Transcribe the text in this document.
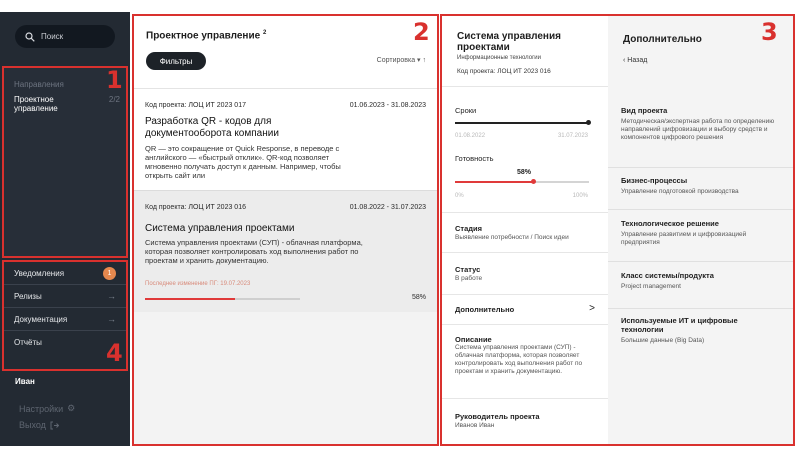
Поиск
Направления
Проектное управление
2/2
Уведомления	1
Релизы	→
Документация	→
Отчёты
Иван
Настройки ⚙
Выход
Проектное управление $^2$
Фильтры	Сортировка ▾ ↑
Код проекта: ЛОЦ ИТ 2023 017	01.06.2023 - 31.08.2023
Разработка QR - кодов для документооборота компании
QR — это сокращение от Quick Response, в переводе с английского — «быстрый отклик». QR-код позволяет мгновенно получать доступ к данным. Например, чтобы открыть сайт или
Код проекта: ЛОЦ ИТ 2023 016	01.08.2022 - 31.07.2023
Система управления проектами
Система управления проектами (СУП) - облачная платформа, которая позволяет контролировать ход выполнения работ по проектам и хранить документацию.
Последнее изменение ПГ: 19.07.2023
58%
Система управления проектами
Информационные технологии
Код проекта: ЛОЦ ИТ 2023 016
Сроки
01.08.2022	31.07.2023
Готовность
58%
0%	100%
Стадия
Выявление потребности / Поиск идеи
Статус
В работе
Дополнительно	>
Описание
Система управления проектами (СУП) - облачная платформа, которая позволяет контролировать ход выполнения работ по проектам и хранить документацию.
Руководитель проекта
Иванов Иван
Дополнительно
‹ Назад
Вид проекта
Методическая/экспертная работа по определению направлений цифровизации и выбору средств и компонентов цифрового решения
Бизнес-процессы
Управление подготовкой производства
Технологическое решение
Управление развитием и цифровизацией предприятия
Класс системы/продукта
Project management
Используемые ИТ и цифровые технологии
Большие данные (Big Data)
1
2	3
4
